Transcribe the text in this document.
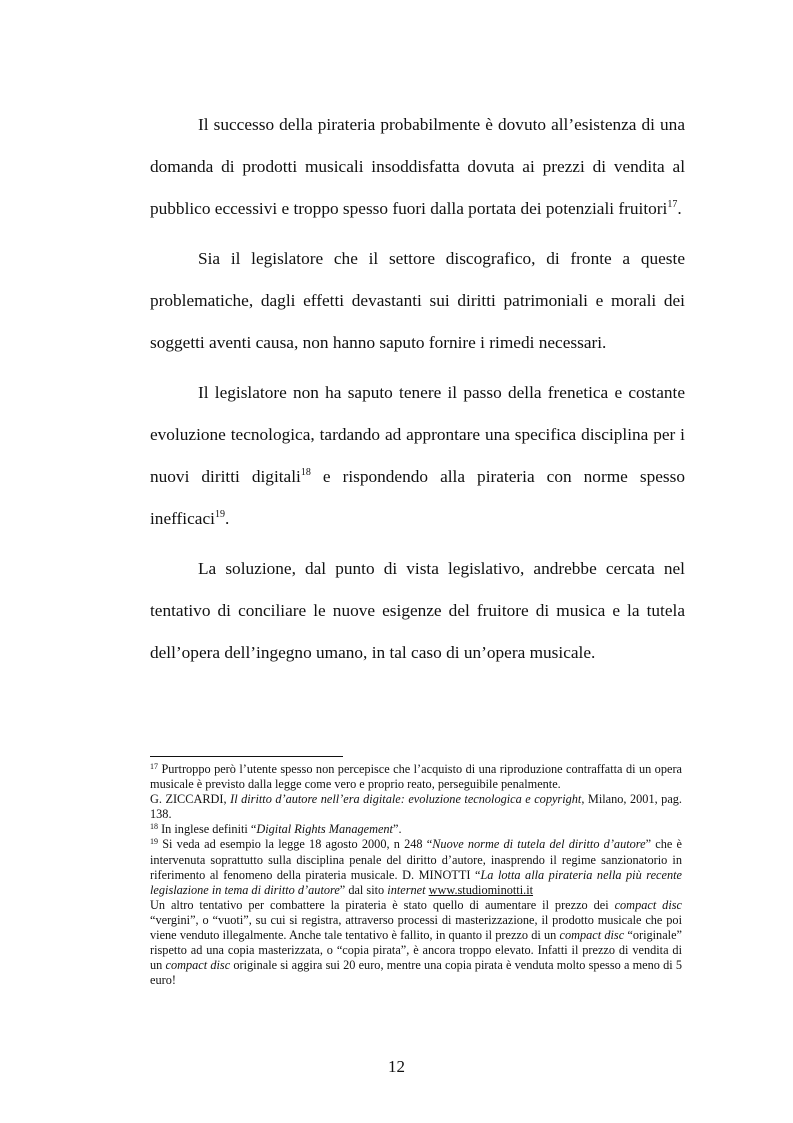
Il successo della pirateria probabilmente è dovuto all’esistenza di una domanda di prodotti musicali insoddisfatta dovuta ai prezzi di vendita al pubblico eccessivi e troppo spesso fuori dalla portata dei potenziali fruitori$^{17}$.

Sia il legislatore che il settore discografico, di fronte a queste problematiche, dagli effetti devastanti sui diritti patrimoniali e morali dei soggetti aventi causa, non hanno saputo fornire i rimedi necessari.

Il legislatore non ha saputo tenere il passo della frenetica e costante evoluzione tecnologica, tardando ad approntare una specifica disciplina per i nuovi diritti digitali$^{18}$ e rispondendo alla pirateria con norme spesso inefficaci$^{19}$.

La soluzione, dal punto di vista legislativo, andrebbe cercata nel tentativo di conciliare le nuove esigenze del fruitore di musica e la tutela dell’opera dell’ingegno umano, in tal caso di un’opera musicale.

$^{17}$ Purtroppo però l’utente spesso non percepisce che l’acquisto di una riproduzione contraffatta di un opera musicale è previsto dalla legge come vero e proprio reato, perseguibile penalmente.

G. ZICCARDI, Il diritto d’autore nell’era digitale: evoluzione tecnologica e copyright, Milano, 2001, pag. 138.

$^{18}$ In inglese definiti “Digital Rights Management”.

$^{19}$ Si veda ad esempio la legge 18 agosto 2000, n 248 “Nuove norme di tutela del diritto d’autore” che è intervenuta soprattutto sulla disciplina penale del diritto d’autore, inasprendo il regime sanzionatorio in riferimento al fenomeno della pirateria musicale. D. MINOTTI “La lotta alla pirateria nella più recente legislazione in tema di diritto d’autore” dal sito internet www.studiominotti.it

Un altro tentativo per combattere la pirateria è stato quello di aumentare il prezzo dei compact disc “vergini”, o “vuoti”, su cui si registra, attraverso processi di masterizzazione, il prodotto musicale che poi viene venduto illegalmente. Anche tale tentativo è fallito, in quanto il prezzo di un compact disc “originale” rispetto ad una copia masterizzata, o “copia pirata”, è ancora troppo elevato. Infatti il prezzo di vendita di un compact disc originale si aggira sui 20 euro, mentre una copia pirata è venduta molto spesso a meno di 5 euro!

12
